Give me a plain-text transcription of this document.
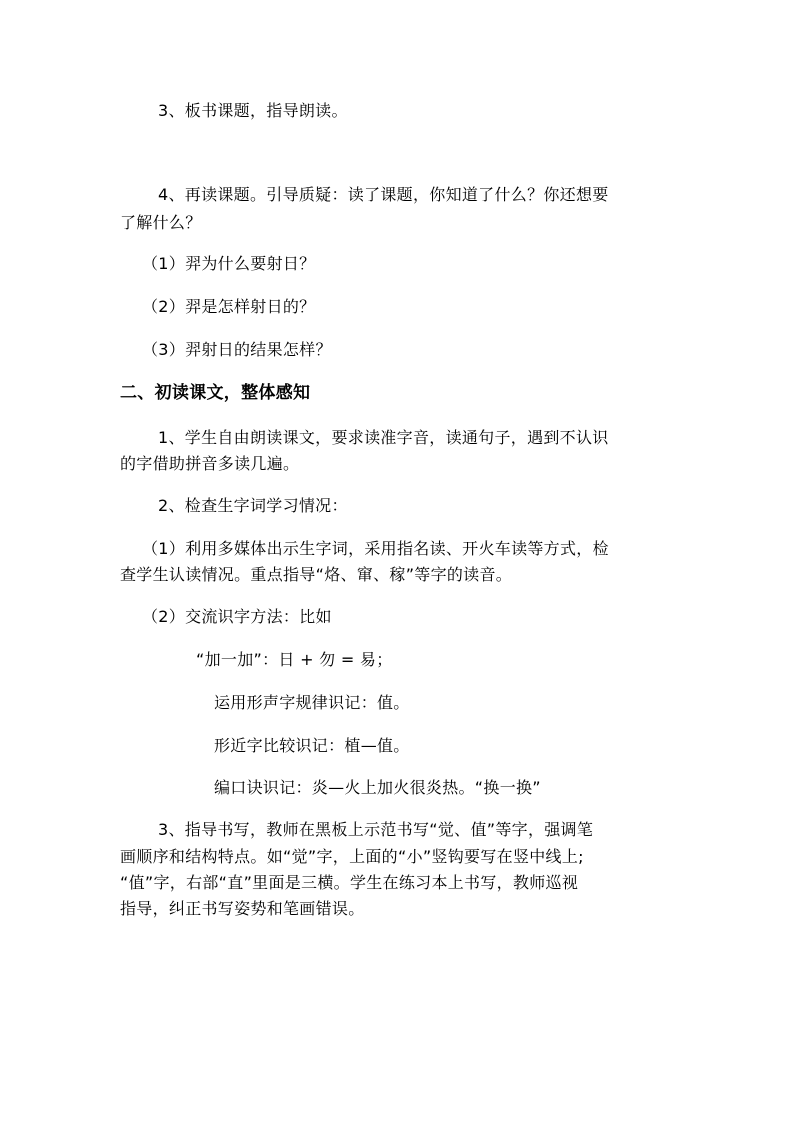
3、板书课题，指导朗读。

4、再读课题。引导质疑：读了课题，你知道了什么？你还想要

了解什么？

（1）羿为什么要射日？

（2）羿是怎样射日的？

（3）羿射日的结果怎样？

二、初读课文，整体感知

1、学生自由朗读课文，要求读准字音，读通句子，遇到不认识

的字借助拼音多读几遍。

2、检查生字词学习情况：

（1）利用多媒体出示生字词，采用指名读、开火车读等方式，检

查学生认读情况。重点指导“烙、窜、稼”等字的读音。

（2）交流识字方法：比如

“加一加”：日 + 勿 = 易；

运用形声字规律识记：值。

形近字比较识记：植—值。

编口诀识记：炎—火上加火很炎热。“换一换”

3、指导书写，教师在黑板上示范书写“觉、值”等字，强调笔

画顺序和结构特点。如“觉”字，上面的“小”竖钩要写在竖中线上;

“值”字，右部“直”里面是三横。学生在练习本上书写，教师巡视

指导，纠正书写姿势和笔画错误。
